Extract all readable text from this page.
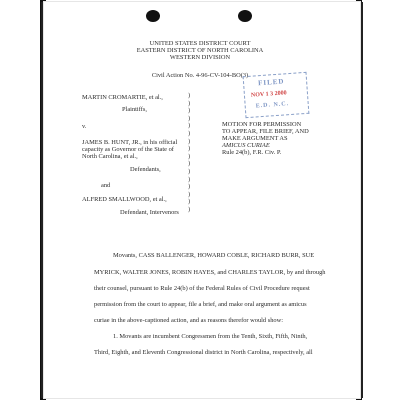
UNITED STATES DISTRICT COURT
EASTERN DISTRICT OF NORTH CAROLINA
WESTERN DIVISION
Civil Action No. 4-96-CV-104-BO(3)
MARTIN CROMARTIE, et al.,
Plaintiffs,
v.
JAMES B. HUNT, JR., in his official
capacity as Governor of the State of
North Carolina, et al.,
Defendants,
and
ALFRED SMALLWOOD, et al.,
Defendant, Intervenors
)
)
)
)
)
)
)
)
)
)
)
)
)
)
)
)
MOTION FOR PERMISSION
TO APPEAR, FILE BRIEF, AND
MAKE ARGUMENT AS
AMICUS CURIAE
Rule 24(b), F.R. Civ. P.
FILED
NOV 1 3 2000
E.D. N.C.
Movants, CASS BALLENGER, HOWARD COBLE, RICHARD BURR, SUE
MYRICK, WALTER JONES, ROBIN HAYES, and CHARLES TAYLOR, by and through
their counsel, pursuant to Rule 24(b) of the Federal Rules of Civil Procedure request
permission from the court to appear, file a brief, and make oral argument as amicus
curiae in the above-captioned action, and as reasons therefor would show:
1. Movants are incumbent Congressmen from the Tenth, Sixth, Fifth, Ninth,
Third, Eighth, and Eleventh Congressional district in North Carolina, respectively, all
